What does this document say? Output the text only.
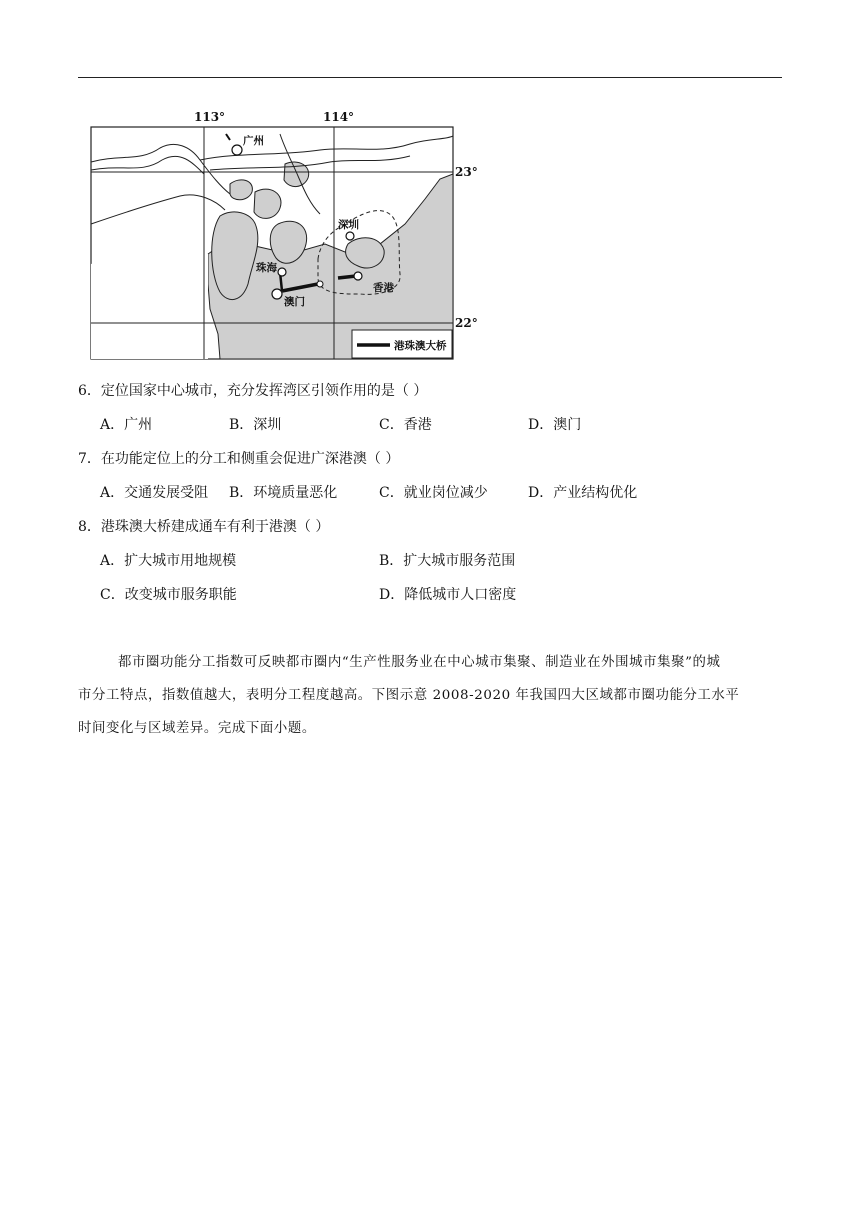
113°	114°
23°
22°
广州
深圳
珠海
澳门
香港
港珠澳大桥
6．定位国家中心城市，充分发挥湾区引领作用的是（ ）
A．广州	B．深圳	C．香港	D．澳门
7．在功能定位上的分工和侧重会促进广深港澳（ ）
A．交通发展受阻 B．环境质量恶化	C．就业岗位减少	D．产业结构优化
8．港珠澳大桥建成通车有利于港澳（ ）
A．扩大城市用地规模	B．扩大城市服务范围
C．改变城市服务职能	D．降低城市人口密度
都市圈功能分工指数可反映都市圈内“生产性服务业在中心城市集聚、制造业在外围城市集聚”的城
市分工特点，指数值越大，表明分工程度越高。下图示意 2008-2020 年我国四大区域都市圈功能分工水平
时间变化与区域差异。完成下面小题。
